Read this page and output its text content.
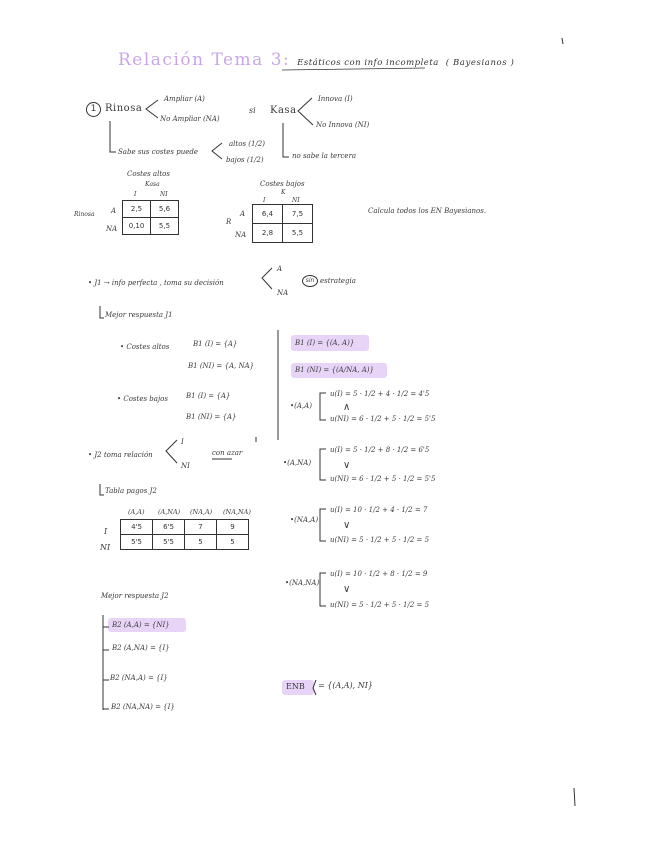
Relación Tema 3: Estáticos con info incompleta ( Bayesianos )
1 Rinosa
Ampliar (A)
No Ampliar (NA)
si Kasa
Innova (I)
No Innova (NI)
Sabe sus costes puede
altos (1/2)
bajos (1/2)	no sabe la tercera
Costes altos
Kasa
I	NI
Rinosa A
NA
2,5	5,6
0,10	5,5
Costes bajos
K
I	NI
R
A
NA
6,4	7,5
2,8	5,5
Calcula todos los EN Bayesianos.
• J1 → info perfecta , toma su decisión
A
NA
sin estrategia
Mejor respuesta J1
• Costes altos	B1 (I) = {A}
B1 (NI) = {A, NA}
• Costes bajos	B1 (I) = {A}
B1 (NI) = {A}
B1 (I) = {(A, A)}
B1 (NI) = {(A/NA, A)}
•(A,A)
u(I) = 5 · 1/2 + 4 · 1/2 = 4'5
∧
u(NI) = 6 · 1/2 + 5 · 1/2 = 5'5
•(A,NA)
u(I) = 5 · 1/2 + 8 · 1/2 = 6'5
∨
u(NI) = 6 · 1/2 + 5 · 1/2 = 5'5
•(NA,A)
u(I) = 10 · 1/2 + 4 · 1/2 = 7
∨
u(NI) = 5 · 1/2 + 5 · 1/2 = 5
•(NA,NA)
u(I) = 10 · 1/2 + 8 · 1/2 = 9
∨
u(NI) = 5 · 1/2 + 5 · 1/2 = 5
• J2 toma relación
I
NI
con azar
Tabla pagos J2
(A,A) (A,NA) (NA,A) (NA,NA)
I
NI
4'5	6'5	7	9
5'5	5'5	5	5
Mejor respuesta J2
B2 (A,A) = {NI}
B2 (A,NA) = {I}
B2 (NA,A) = {I}
B2 (NA,NA) = {I}
ENB = {(A,A), NI}
